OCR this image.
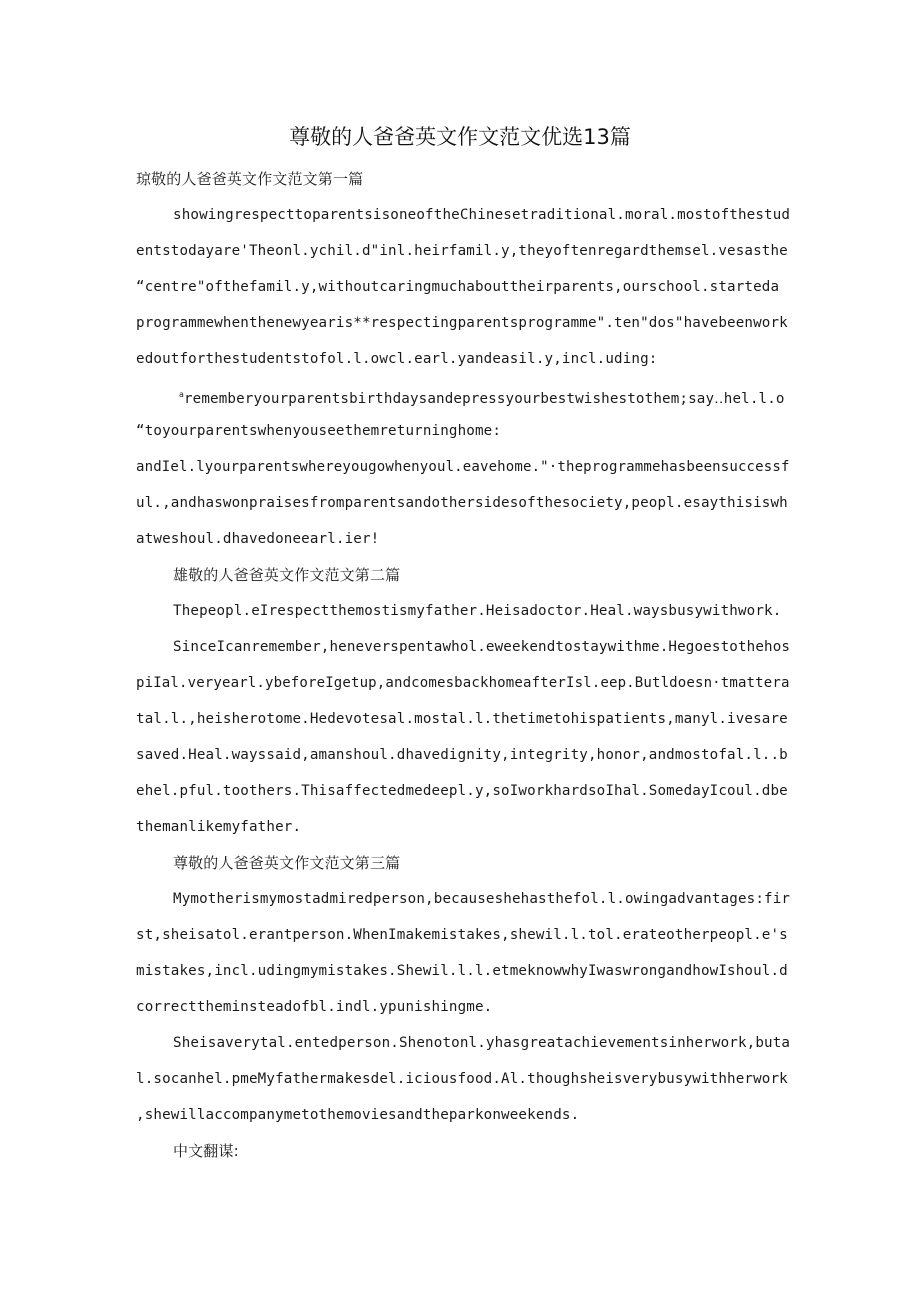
尊敬的人爸爸英文作文范文优选13篇
琼敬的人爸爸英文作文范文第一篇
showingrespecttoparentsisoneoftheChinesetraditional.moral.mostofthestud
entstodayare'Theonl.ychil.d"inl.heirfamil.y,theyoftenregardthemsel.vesasthe
“centre"ofthefamil.y,withoutcaringmuchabouttheirparents,ourschool.starteda
programmewhenthenewyearis**respectingparentsprogramme".ten"dos"havebeenwork
edoutforthestudentstofol.l.owcl.earl.yandeasil.y,incl.uding:
$^a$rememberyourparentsbirthdaysandepressyourbestwishestothem;say‥hel.l.o
“toyourparentswhenyouseethemreturninghome:
andIel.lyourparentswhereyougowhenyoul.eavehome."·theprogrammehasbeensuccessf
ul.,andhaswonpraisesfromparentsandothersidesofthesociety,peopl.esaythisiswh
atweshoul.dhavedoneearl.ier!
雄敬的人爸爸英文作文范文第二篇
Thepeopl.eIrespectthemostismyfather.Heisadoctor.Heal.waysbusywithwork.
SinceIcanremember,heneverspentawhol.eweekendtostaywithme.Hegoestothehos
piIal.veryearl.ybeforeIgetup,andcomesbackhomeafterIsl.eep.Butldoesn·tmattera
tal.l.,heisherotome.Hedevotesal.mostal.l.thetimetohispatients,manyl.ivesare
saved.Heal.wayssaid,amanshoul.dhavedignity,integrity,honor,andmostofal.l..b
ehel.pful.toothers.Thisaffectedmedeepl.y,soIworkhardsoIhal.SomedayIcoul.dbe
themanlikemyfather.
尊敬的人爸爸英文作文范文第三篇
Mymotherismymostadmiredperson,becauseshehasthefol.l.owingadvantages:fir
st,sheisatol.erantperson.WhenImakemistakes,shewil.l.tol.erateotherpeopl.e's
mistakes,incl.udingmymistakes.Shewil.l.l.etmeknowwhyIwaswrongandhowIshoul.d
correcttheminsteadofbl.indl.ypunishingme.
Sheisaverytal.entedperson.Shenotonl.yhasgreatachievementsinherwork,buta
l.socanhel.pmeMyfathermakesdel.iciousfood.Al.thoughsheisverybusywithherwork
,shewillaccompanymetothemoviesandtheparkonweekends.
中文翻谋:
